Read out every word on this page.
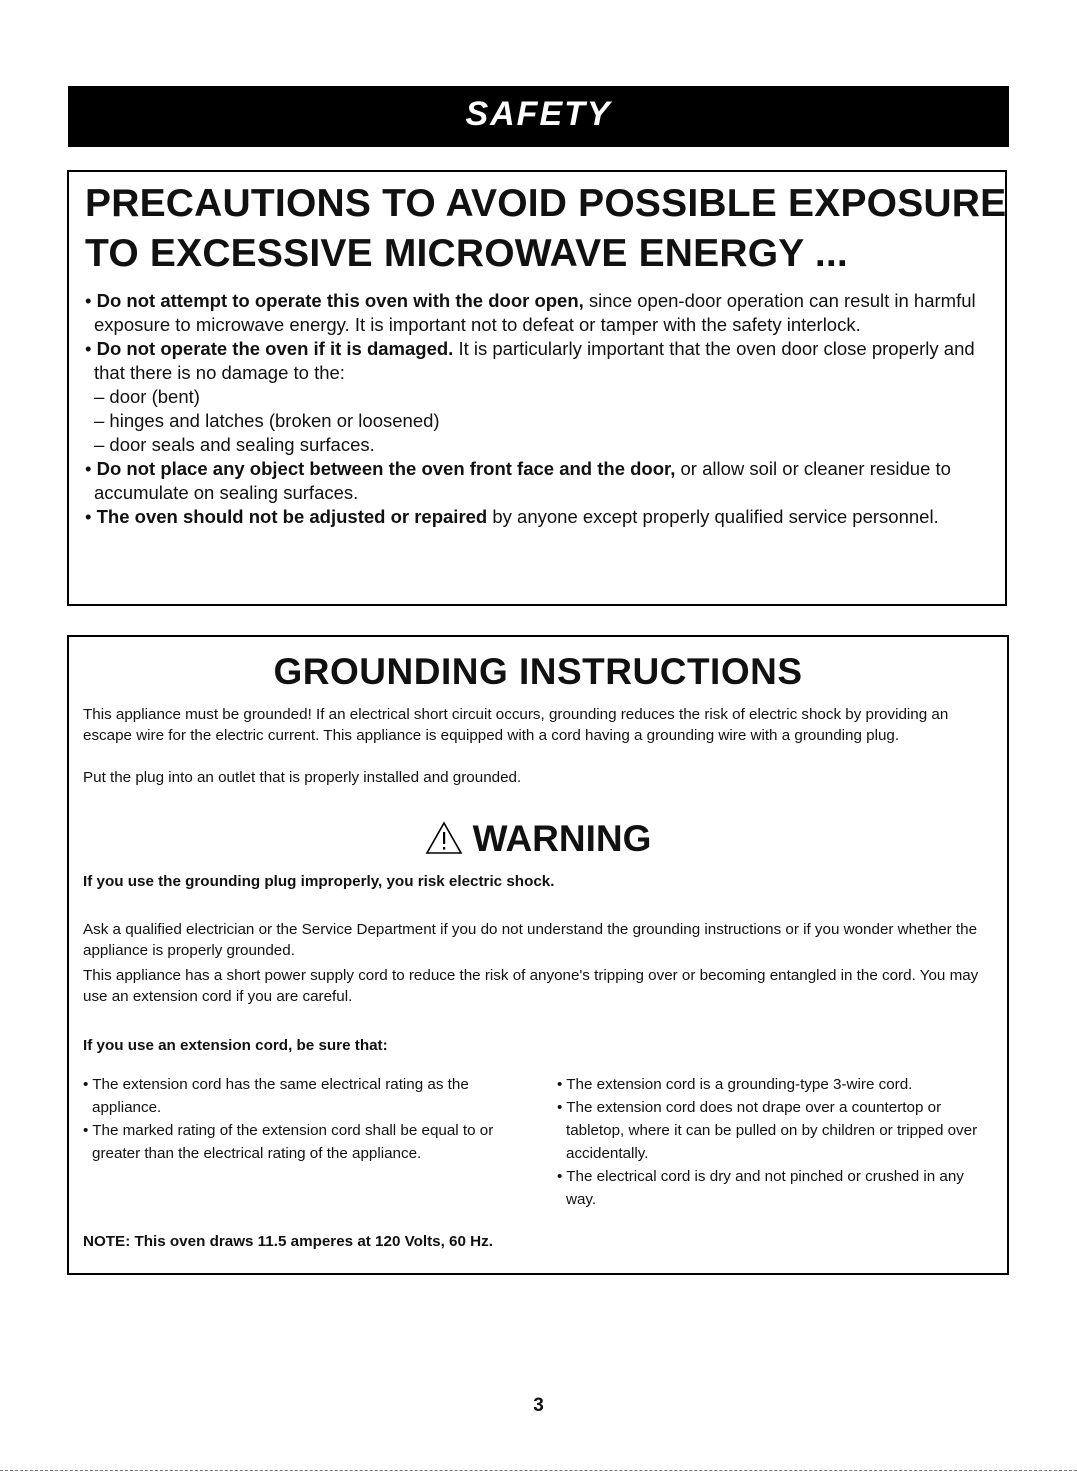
SAFETY
PRECAUTIONS TO AVOID POSSIBLE EXPOSURE
TO EXCESSIVE MICROWAVE ENERGY ...
• Do not attempt to operate this oven with the door open, since open-door operation can result in harmful exposure to microwave energy. It is important not to defeat or tamper with the safety interlock.
• Do not operate the oven if it is damaged. It is particularly important that the oven door close properly and that there is no damage to the:
– door (bent)
– hinges and latches (broken or loosened)
– door seals and sealing surfaces.
• Do not place any object between the oven front face and the door, or allow soil or cleaner residue to accumulate on sealing surfaces.
• The oven should not be adjusted or repaired by anyone except properly qualified service personnel.
GROUNDING INSTRUCTIONS
This appliance must be grounded! If an electrical short circuit occurs, grounding reduces the risk of electric shock by providing an escape wire for the electric current. This appliance is equipped with a cord having a grounding wire with a grounding plug.
Put the plug into an outlet that is properly installed and grounded.
WARNING
If you use the grounding plug improperly, you risk electric shock.
Ask a qualified electrician or the Service Department if you do not understand the grounding instructions or if you wonder whether the appliance is properly grounded.
This appliance has a short power supply cord to reduce the risk of anyone's tripping over or becoming entangled in the cord. You may use an extension cord if you are careful.
If you use an extension cord, be sure that:
• The extension cord has the same electrical rating as the appliance.
• The marked rating of the extension cord shall be equal to or greater than the electrical rating of the appliance.
• The extension cord is a grounding-type 3-wire cord.
• The extension cord does not drape over a countertop or tabletop, where it can be pulled on by children or tripped over accidentally.
• The electrical cord is dry and not pinched or crushed in any way.
NOTE: This oven draws 11.5 amperes at 120 Volts, 60 Hz.
3
